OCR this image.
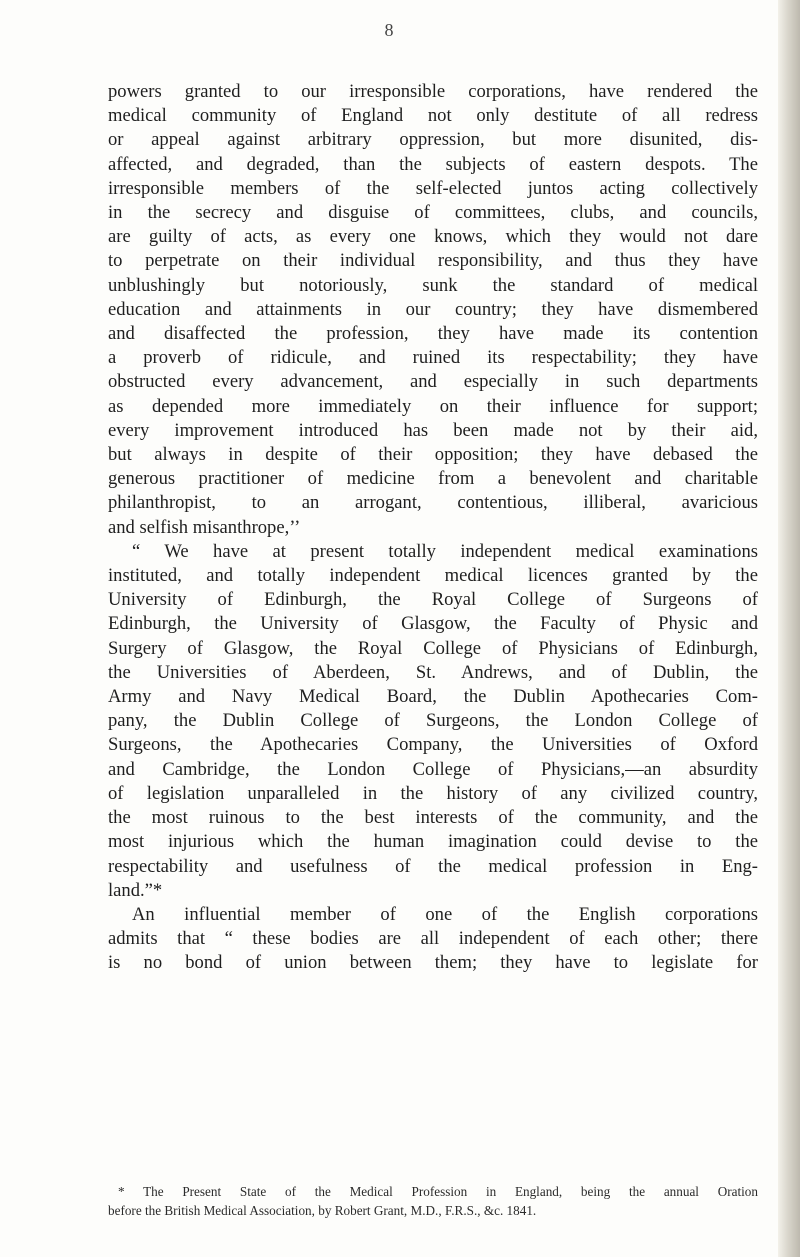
8
powers granted to our irresponsible corporations, have rendered the
medical community of England not only destitute of all redress
or appeal against arbitrary oppression, but more disunited, dis-
affected, and degraded, than the subjects of eastern despots. The
irresponsible members of the self-elected juntos acting collectively
in the secrecy and disguise of committees, clubs, and councils,
are guilty of acts, as every one knows, which they would not dare
to perpetrate on their individual responsibility, and thus they have
unblushingly but notoriously, sunk the standard of medical
education and attainments in our country; they have dismembered
and disaffected the profession, they have made its contention
a proverb of ridicule, and ruined its respectability; they have
obstructed every advancement, and especially in such departments
as depended more immediately on their influence for support;
every improvement introduced has been made not by their aid,
but always in despite of their opposition; they have debased the
generous practitioner of medicine from a benevolent and charitable
philanthropist, to an arrogant, contentious, illiberal, avaricious
and selfish misanthrope,’’
“ We have at present totally independent medical examinations
instituted, and totally independent medical licences granted by the
University of Edinburgh, the Royal College of Surgeons of
Edinburgh, the University of Glasgow, the Faculty of Physic and
Surgery of Glasgow, the Royal College of Physicians of Edinburgh,
the Universities of Aberdeen, St. Andrews, and of Dublin, the
Army and Navy Medical Board, the Dublin Apothecaries Com-
pany, the Dublin College of Surgeons, the London College of
Surgeons, the Apothecaries Company, the Universities of Oxford
and Cambridge, the London College of Physicians,—an absurdity
of legislation unparalleled in the history of any civilized country,
the most ruinous to the best interests of the community, and the
most injurious which the human imagination could devise to the
respectability and usefulness of the medical profession in Eng-
land.”*
An influential member of one of the English corporations
admits that “ these bodies are all independent of each other; there
is no bond of union between them; they have to legislate for
* The Present State of the Medical Profession in England, being the annual Oration
before the British Medical Association, by Robert Grant, M.D., F.R.S., &c. 1841.
